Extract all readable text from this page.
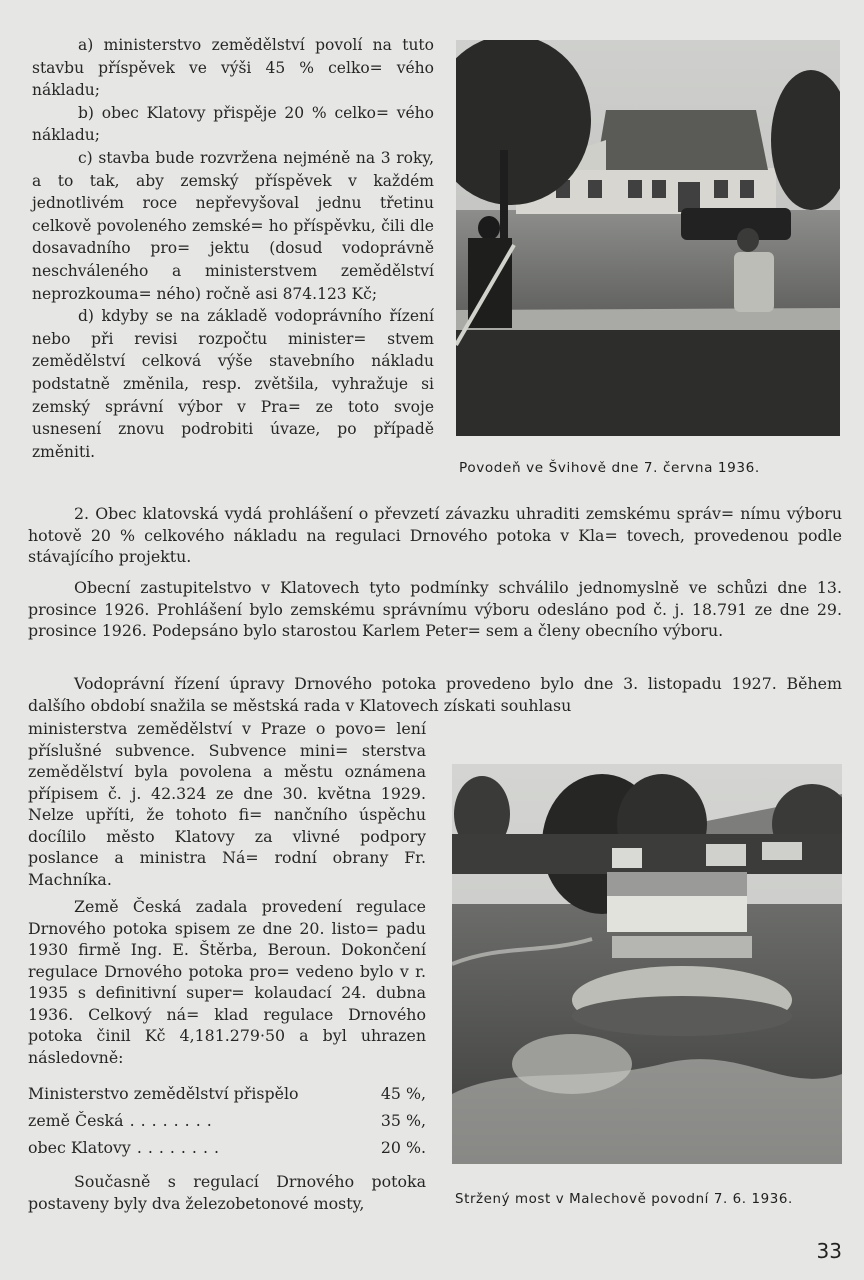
a) ministerstvo zemědělství povolí na tuto stavbu příspěvek ve výši 45 % celko= vého nákladu;

b) obec Klatovy přispěje 20 % celko= vého nákladu;

c) stavba bude rozvržena nejméně na 3 roky, a to tak, aby zemský příspěvek v každém jednotlivém roce nepřevyšoval jednu třetinu celkově povoleného zemské= ho příspěvku, čili dle dosavadního pro= jektu (dosud vodoprávně neschváleného a ministerstvem zemědělství neprozkouma= ného) ročně asi 874.123 Kč;

d) kdyby se na základě vodoprávního řízení nebo při revisi rozpočtu minister= stvem zemědělství celková výše stavebního nákladu podstatně změnila, resp. zvětšila, vyhražuje si zemský správní výbor v Pra= ze toto svoje usnesení znovu podrobiti úvaze, po případě změniti.

Povodeň ve Švihově dne 7. června 1936.

2. Obec klatovská vydá prohlášení o převzetí závazku uhraditi zemskému správ= nímu výboru hotově 20 % celkového nákladu na regulaci Drnového potoka v Kla= tovech, provedenou podle stávajícího projektu.

Obecní zastupitelstvo v Klatovech tyto podmínky schválilo jednomyslně ve schůzi dne 13. prosince 1926. Prohlášení bylo zemskému správnímu výboru odesláno pod č. j. 18.791 ze dne 29. prosince 1926. Podepsáno bylo starostou Karlem Peter= sem a členy obecního výboru.

Vodoprávní řízení úpravy Drnového potoka provedeno bylo dne 3. listopadu 1927. Během dalšího období snažila se městská rada v Klatovech získati souhlasu

ministerstva zemědělství v Praze o povo= lení příslušné subvence. Subvence mini= sterstva zemědělství byla povolena a městu oznámena přípisem č. j. 42.324 ze dne 30. května 1929. Nelze upříti, že tohoto fi= nančního úspěchu docílilo město Klatovy za vlivné podpory poslance a ministra Ná= rodní obrany Fr. Machníka.

Země Česká zadala provedení regulace Drnového potoka spisem ze dne 20. listo= padu 1930 firmě Ing. E. Štěrba, Beroun. Dokončení regulace Drnového potoka pro= vedeno bylo v r. 1935 s definitivní super= kolaudací 24. dubna 1936. Celkový ná= klad regulace Drnového potoka činil Kč 4,181.279·50 a byl uhrazen následovně:

Ministerstvo zemědělství přispělo	45 %,
země Česká ........	35 %,
obec Klatovy ........	20 %.

Současně s regulací Drnového potoka postaveny byly dva železobetonové mosty,	Stržený most v Malechově povodní 7. 6. 1936.
33
